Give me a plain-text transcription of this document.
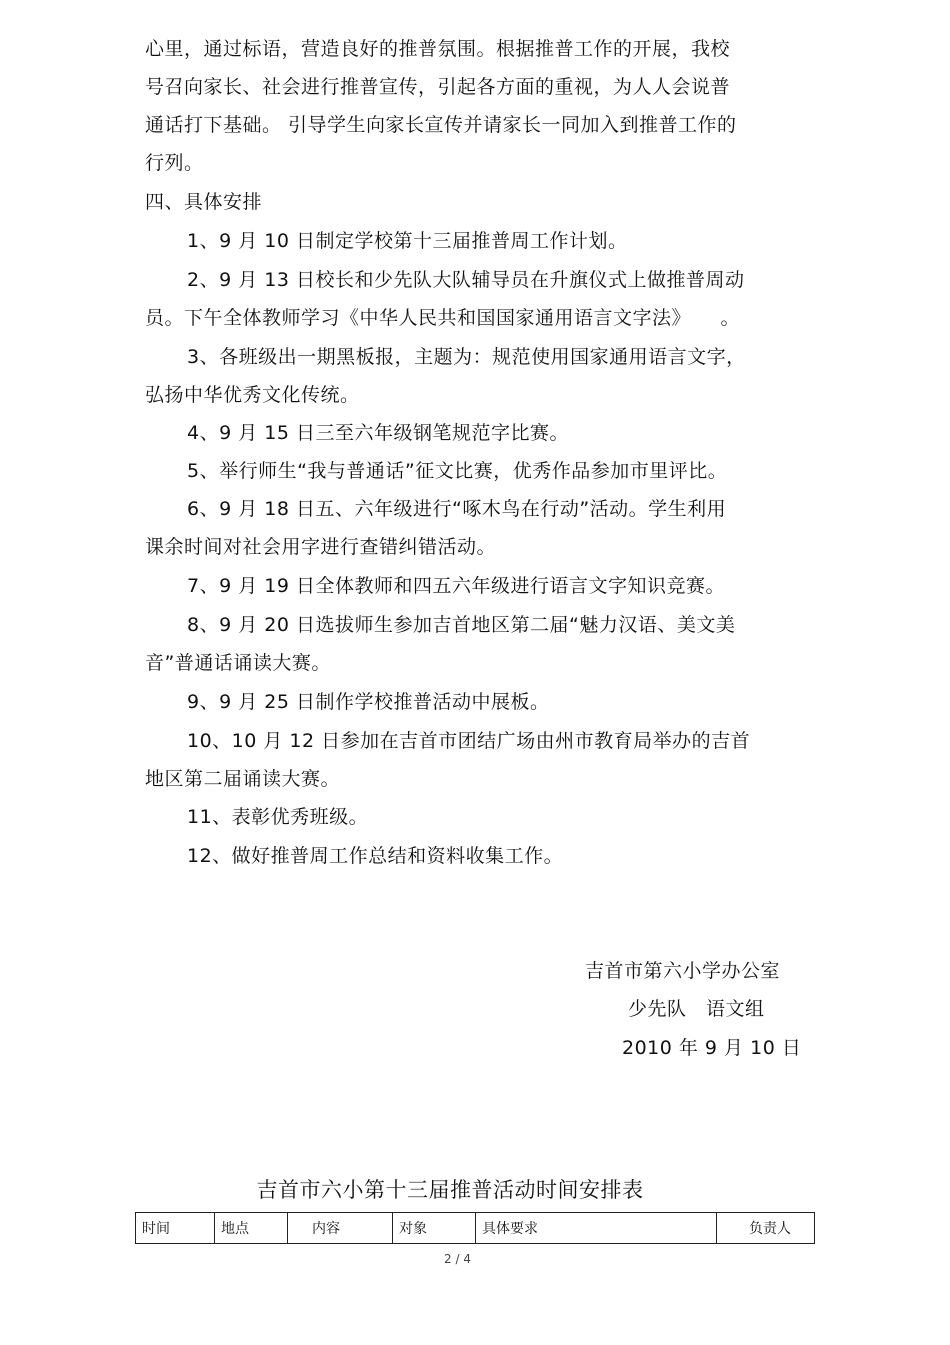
心里，通过标语，营造良好的推普氛围。根据推普工作的开展，我校
号召向家长、社会进行推普宣传，引起各方面的重视，为人人会说普
通话打下基础。 引导学生向家长宣传并请家长一同加入到推普工作的
行列。
四、具体安排
1、9 月 10 日制定学校第十三届推普周工作计划。
2、9 月 13 日校长和少先队大队辅导员在升旗仪式上做推普周动
员。下午全体教师学习《中华人民共和国国家通用语言文字法》　　。
3、各班级出一期黑板报，主题为：规范使用国家通用语言文字，
弘扬中华优秀文化传统。
4、9 月 15 日三至六年级钢笔规范字比赛。
5、举行师生“我与普通话”征文比赛，优秀作品参加市里评比。
6、9 月 18 日五、六年级进行“啄木鸟在行动”活动。学生利用
课余时间对社会用字进行查错纠错活动。
7、9 月 19 日全体教师和四五六年级进行语言文字知识竞赛。
8、9 月 20 日选拔师生参加吉首地区第二届“魅力汉语、美文美
音”普通话诵读大赛。
9、9 月 25 日制作学校推普活动中展板。
10、10 月 12 日参加在吉首市团结广场由州市教育局举办的吉首
地区第二届诵读大赛。
11、表彰优秀班级。
12、做好推普周工作总结和资料收集工作。
吉首市第六小学办公室
少先队　语文组
2010 年 9 月 10 日
吉首市六小第十三届推普活动时间安排表
时间	地点	内容	对象	具体要求	负责人
2 / 4
